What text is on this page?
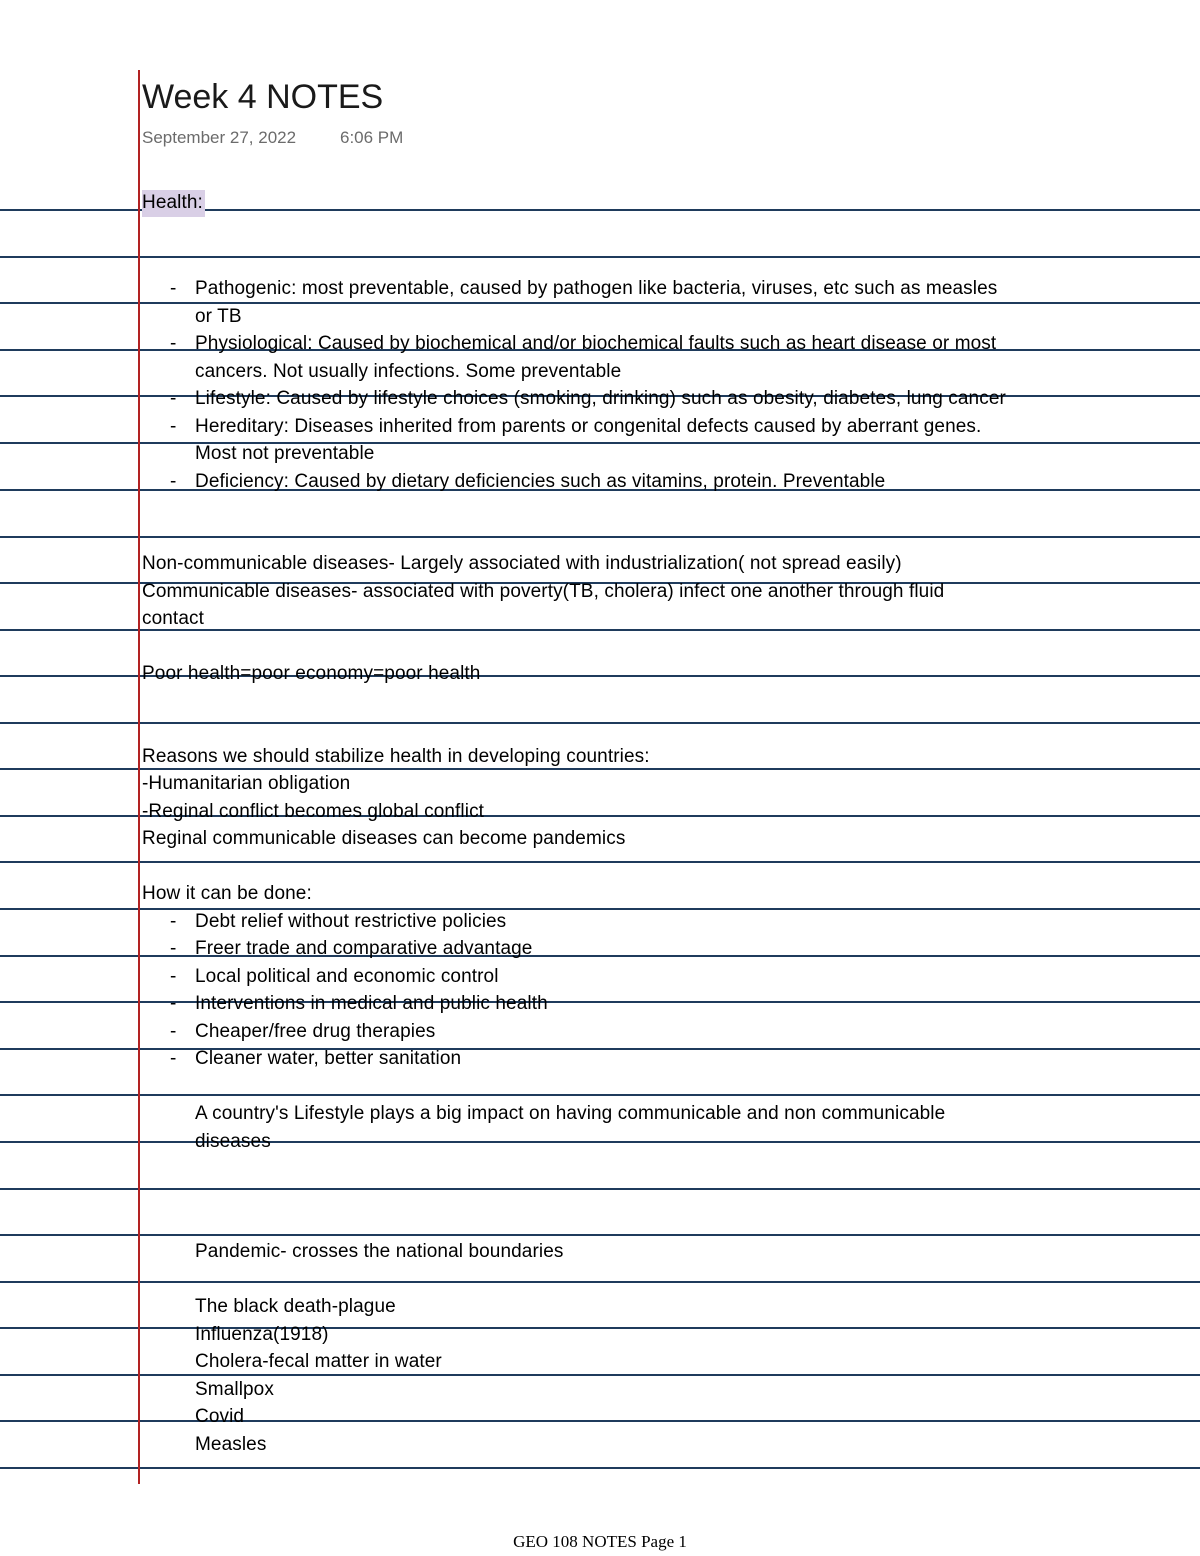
Week 4 NOTES
September 27, 2022	6:06 PM
Health:
- Pathogenic: most preventable, caused by pathogen like bacteria, viruses, etc such as measles
or TB
- Physiological: Caused by biochemical and/or biochemical faults such as heart disease or most
cancers. Not usually infections. Some preventable
- Lifestyle: Caused by lifestyle choices (smoking, drinking) such as obesity, diabetes, lung cancer
- Hereditary: Diseases inherited from parents or congenital defects caused by aberrant genes.
Most not preventable
- Deficiency: Caused by dietary deficiencies such as vitamins, protein. Preventable
Non-communicable diseases- Largely associated with industrialization( not spread easily)
Communicable diseases- associated with poverty(TB, cholera) infect one another through fluid
contact
Poor health=poor economy=poor health
Reasons we should stabilize health in developing countries:
-Humanitarian obligation
-Reginal conflict becomes global conflict
Reginal communicable diseases can become pandemics
How it can be done:
- Debt relief without restrictive policies
- Freer trade and comparative advantage
- Local political and economic control
- Interventions in medical and public health
- Cheaper/free drug therapies
- Cleaner water, better sanitation
A country's Lifestyle plays a big impact on having communicable and non communicable
diseases
Pandemic- crosses the national boundaries
The black death-plague
Influenza(1918)
Cholera-fecal matter in water
Smallpox
Covid
Measles
GEO 108 NOTES Page 1
